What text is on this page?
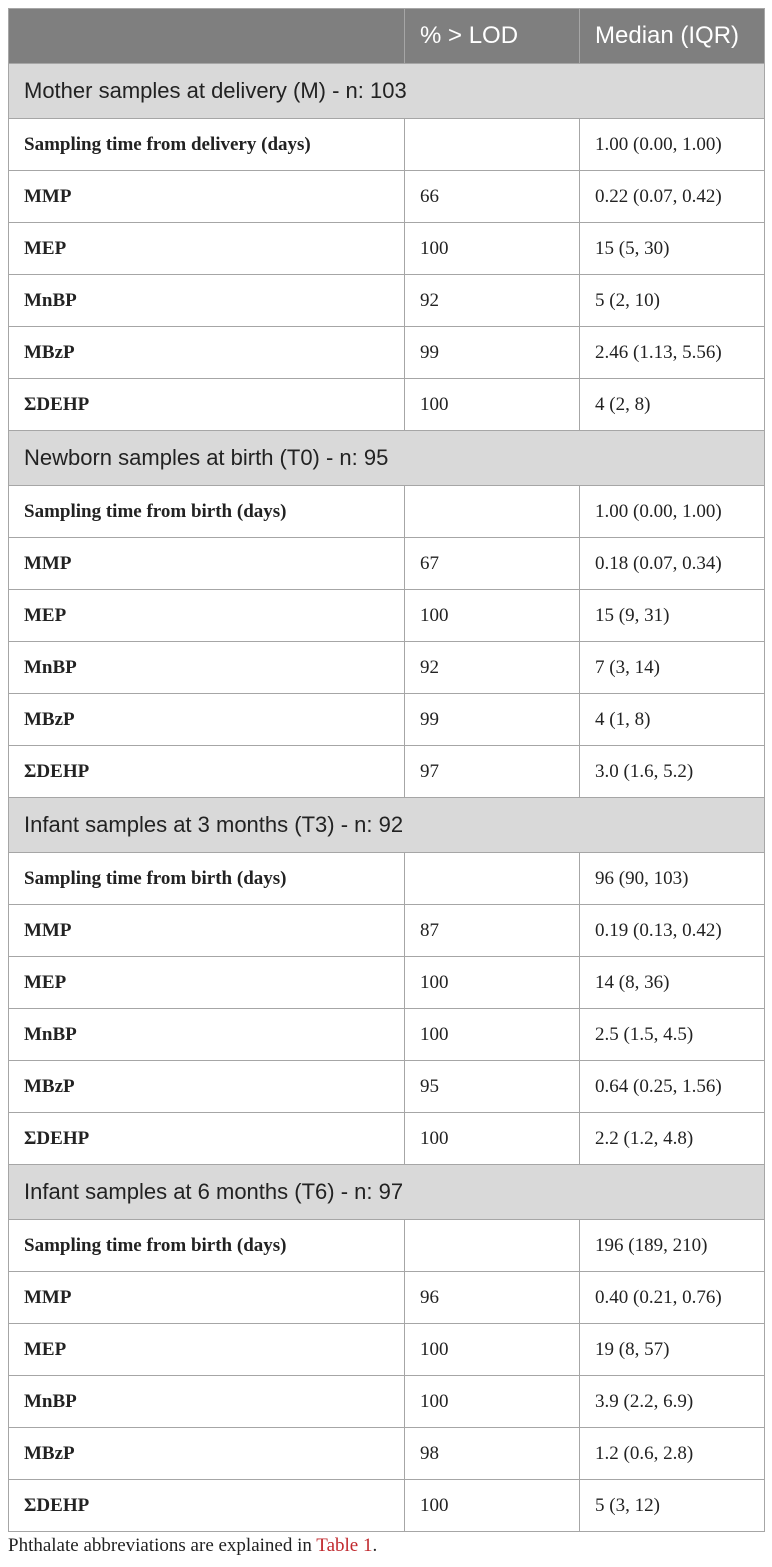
	% > LOD	Median (IQR)
Mother samples at delivery (M) - n: 103		
Sampling time from delivery (days)		1.00 (0.00, 1.00)
MMP	66	0.22 (0.07, 0.42)
MEP	100	15 (5, 30)
MnBP	92	5 (2, 10)
MBzP	99	2.46 (1.13, 5.56)
ΣDEHP	100	4 (2, 8)
Newborn samples at birth (T0) - n: 95		
Sampling time from birth (days)		1.00 (0.00, 1.00)
MMP	67	0.18 (0.07, 0.34)
MEP	100	15 (9, 31)
MnBP	92	7 (3, 14)
MBzP	99	4 (1, 8)
ΣDEHP	97	3.0 (1.6, 5.2)
Infant samples at 3 months (T3) - n: 92		
Sampling time from birth (days)		96 (90, 103)
MMP	87	0.19 (0.13, 0.42)
MEP	100	14 (8, 36)
MnBP	100	2.5 (1.5, 4.5)
MBzP	95	0.64 (0.25, 1.56)
ΣDEHP	100	2.2 (1.2, 4.8)
Infant samples at 6 months (T6) - n: 97		
Sampling time from birth (days)		196 (189, 210)
MMP	96	0.40 (0.21, 0.76)
MEP	100	19 (8, 57)
MnBP	100	3.9 (2.2, 6.9)
MBzP	98	1.2 (0.6, 2.8)
ΣDEHP	100	5 (3, 12)
Phthalate abbreviations are explained in Table 1.
